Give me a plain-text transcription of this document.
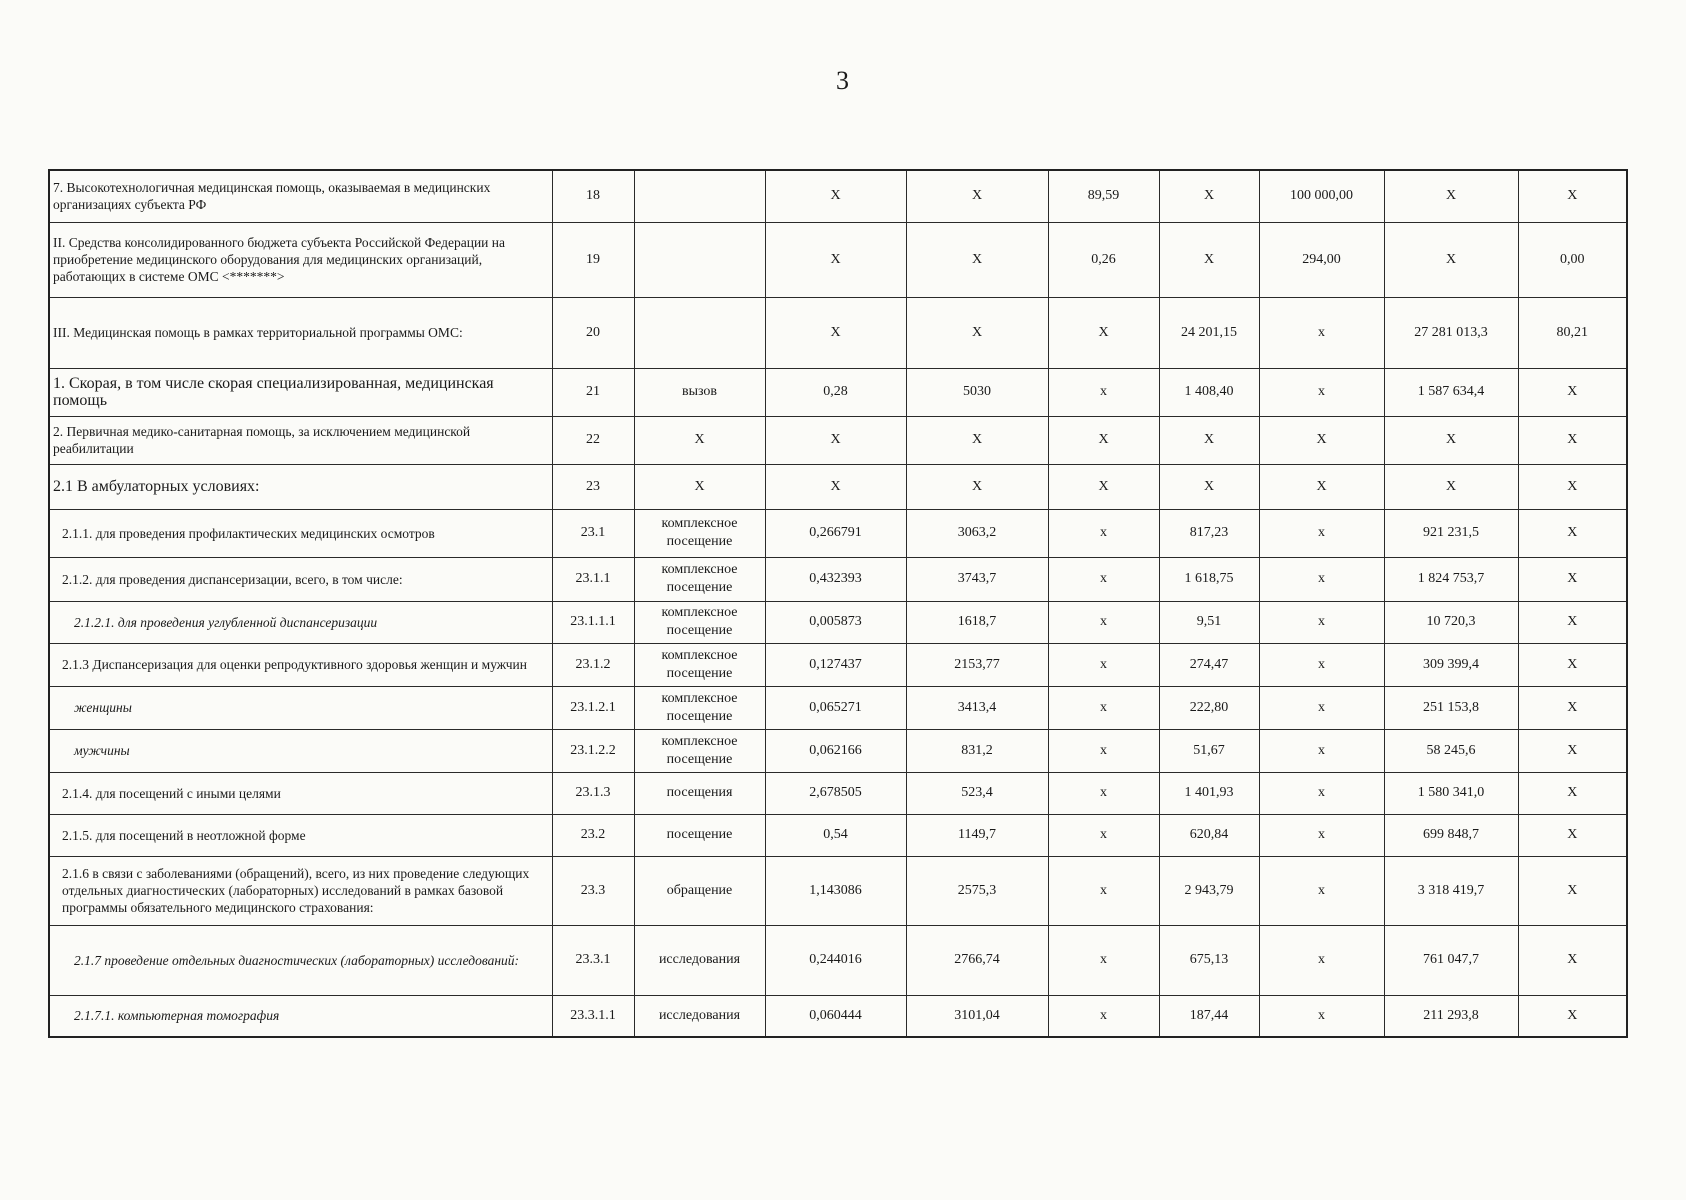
3
7. Высокотехнологичная медицинская помощь, оказываемая в медицинских организациях субъекта РФ	18		X	X	89,59	X	100 000,00	X	X
II. Средства консолидированного бюджета субъекта Российской Федерации на приобретение медицинского оборудования для медицинских организаций, работающих в системе ОМС <*******>	19		X	X	0,26	X	294,00	X	0,00
III. Медицинская помощь в рамках территориальной программы ОМС:	20		X	X	X	24 201,15	x	27 281 013,3	80,21
1. Скорая, в том числе скорая специализированная, медицинская помощь	21	вызов	0,28	5030	x	1 408,40	x	1 587 634,4	X
2. Первичная медико-санитарная помощь, за исключением медицинской реабилитации	22	X	X	X	X	X	X	X	X
2.1 В амбулаторных условиях:	23	X	X	X	X	X	X	X	X
2.1.1. для проведения профилактических медицинских осмотров	23.1	комплексное посещение	0,266791	3063,2	x	817,23	x	921 231,5	X
2.1.2. для проведения диспансеризации, всего, в том числе:	23.1.1	комплексное посещение	0,432393	3743,7	x	1 618,75	x	1 824 753,7	X
2.1.2.1. для проведения углубленной диспансеризации	23.1.1.1	комплексное посещение	0,005873	1618,7	x	9,51	x	10 720,3	X
2.1.3 Диспансеризация для оценки репродуктивного здоровья женщин и мужчин	23.1.2	комплексное посещение	0,127437	2153,77	x	274,47	x	309 399,4	X
женщины	23.1.2.1	комплексное посещение	0,065271	3413,4	x	222,80	x	251 153,8	X
мужчины	23.1.2.2	комплексное посещение	0,062166	831,2	x	51,67	x	58 245,6	X
2.1.4. для посещений с иными целями	23.1.3	посещения	2,678505	523,4	x	1 401,93	x	1 580 341,0	X
2.1.5. для посещений в неотложной форме	23.2	посещение	0,54	1149,7	x	620,84	x	699 848,7	X
2.1.6 в связи с заболеваниями (обращений), всего, из них проведение следующих отдельных диагностических (лабораторных) исследований в рамках базовой программы обязательного медицинского страхования:	23.3	обращение	1,143086	2575,3	x	2 943,79	x	3 318 419,7	X
2.1.7 проведение отдельных диагностических (лабораторных) исследований:	23.3.1	исследования	0,244016	2766,74	x	675,13	x	761 047,7	X
2.1.7.1. компьютерная томография	23.3.1.1	исследования	0,060444	3101,04	x	187,44	x	211 293,8	X
